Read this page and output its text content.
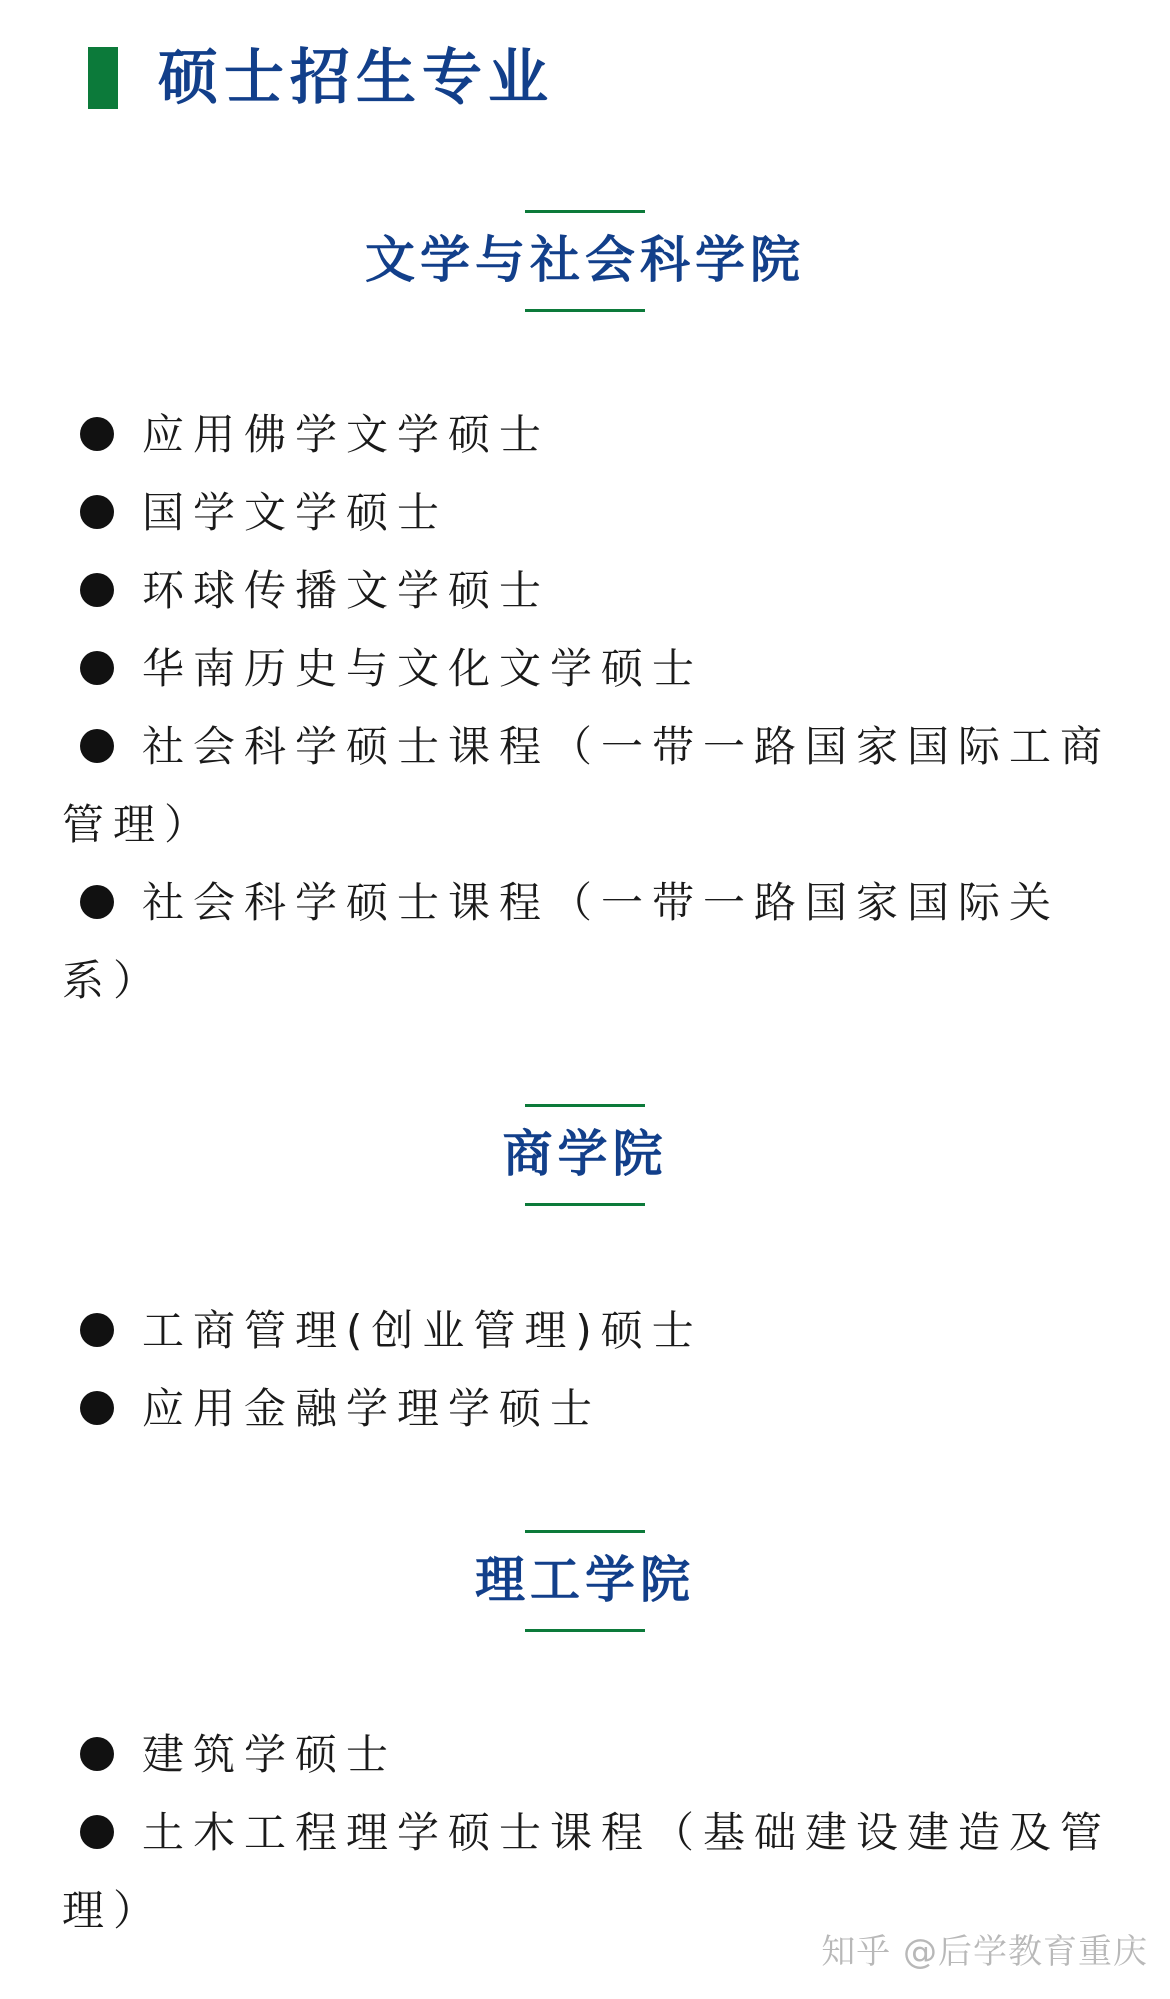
硕士招生专业
文学与社会科学院
应用佛学文学硕士
国学文学硕士
环球传播文学硕士
华南历史与文化文学硕士
社会科学硕士课程（一带一路国家国际工商管理）
社会科学硕士课程（一带一路国家国际关系）
商学院
工商管理(创业管理)硕士
应用金融学理学硕士
理工学院
建筑学硕士
土木工程理学硕士课程（基础建设建造及管理）
知乎 @后学教育重庆
